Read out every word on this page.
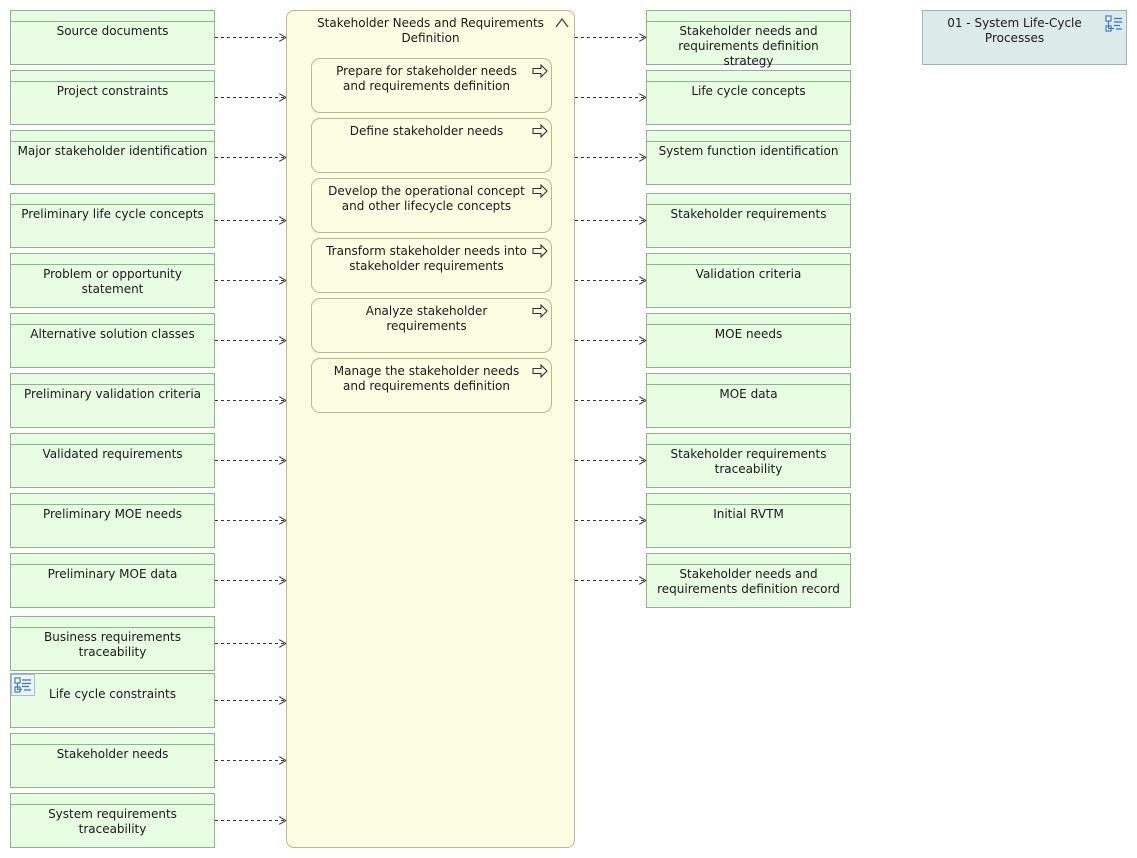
Source documents
Project constraints
Major stakeholder identification
Preliminary life cycle concepts
Problem or opportunity statement
Alternative solution classes
Preliminary validation criteria
Validated requirements
Preliminary MOE needs
Preliminary MOE data
Business requirements traceability
Life cycle constraints
Stakeholder needs
System requirements traceability
Stakeholder Needs and Requirements Definition
Prepare for stakeholder needs and requirements definition
Define stakeholder needs
Develop the operational concept and other lifecycle concepts
Transform stakeholder needs into stakeholder requirements
Analyze stakeholder requirements
Manage the stakeholder needs and requirements definition
Stakeholder needs and requirements definition strategy
Life cycle concepts
System function identification
Stakeholder requirements
Validation criteria
MOE needs
MOE data
Stakeholder requirements traceability
Initial RVTM
Stakeholder needs and requirements definition record
01 - System Life-Cycle Processes
